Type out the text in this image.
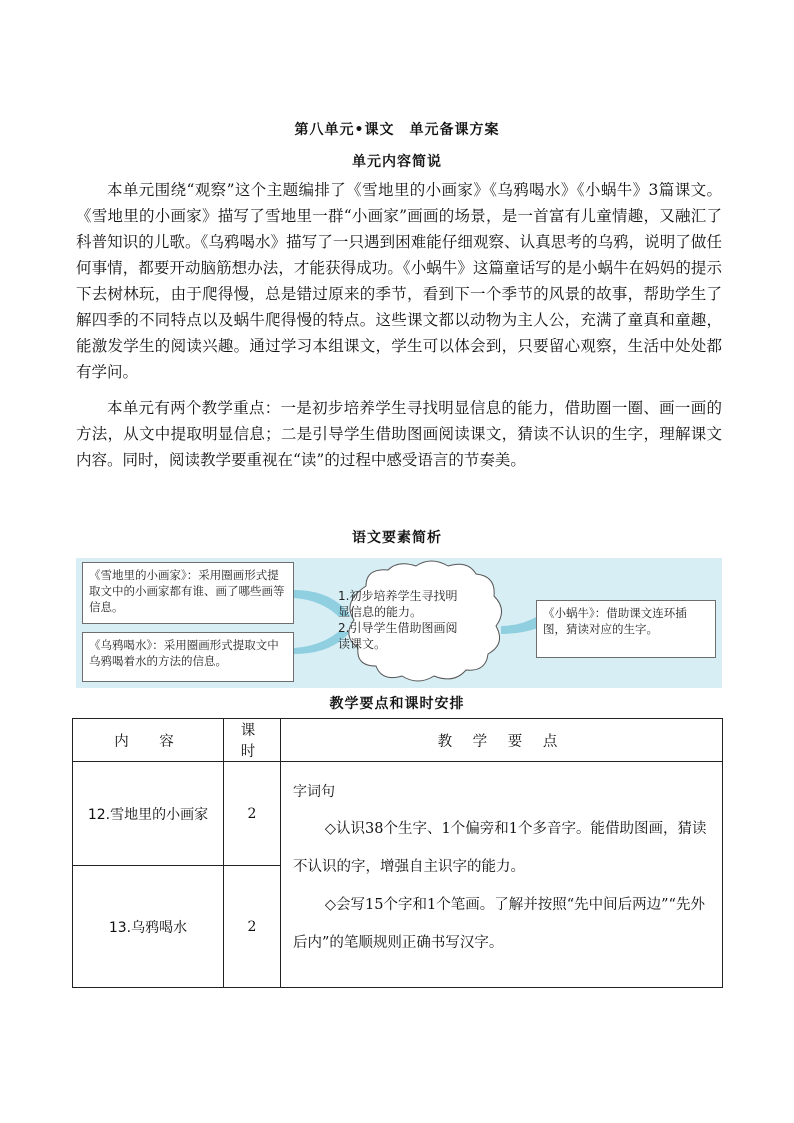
第八单元•课文　单元备课方案
单元内容简说

本单元围绕“观察”这个主题编排了《雪地里的小画家》《乌鸦喝水》《小蜗牛》3篇课文。《雪地里的小画家》描写了雪地里一群“小画家”画画的场景，是一首富有儿童情趣，又融汇了科普知识的儿歌。《乌鸦喝水》描写了一只遇到困难能仔细观察、认真思考的乌鸦，说明了做任何事情，都要开动脑筋想办法，才能获得成功。《小蜗牛》这篇童话写的是小蜗牛在妈妈的提示下去树林玩，由于爬得慢，总是错过原来的季节，看到下一个季节的风景的故事，帮助学生了解四季的不同特点以及蜗牛爬得慢的特点。这些课文都以动物为主人公，充满了童真和童趣，能激发学生的阅读兴趣。通过学习本组课文，学生可以体会到，只要留心观察，生活中处处都有学问。

本单元有两个教学重点：一是初步培养学生寻找明显信息的能力，借助圈一圈、画一画的方法，从文中提取明显信息；二是引导学生借助图画阅读课文，猜读不认识的生字，理解课文内容。同时，阅读教学要重视在“读”的过程中感受语言的节奏美。

语文要素简析
《雪地里的小画家》：采用圈画形式提取文中的小画家都有谁、画了哪些画等信息。
《乌鸦喝水》：采用圈画形式提取文中乌鸦喝着水的方法的信息。
1.初步培养学生寻找明显信息的能力。
2.引导学生借助图画阅读课文。
《小蜗牛》：借助课文连环插图，猜读对应的生字。
教学要点和课时安排
内　容	课 时	教 学 要 点
12.雪地里的小画家	2	字词句
◇认识38个生字、1个偏旁和1个多音字。能借助图画，猜读不认识的字，增强自主识字的能力。
◇会写15个字和1个笔画。了解并按照“先中间后两边”“先外后内”的笔顺规则正确书写汉字。

13.乌鸦喝水	2	
